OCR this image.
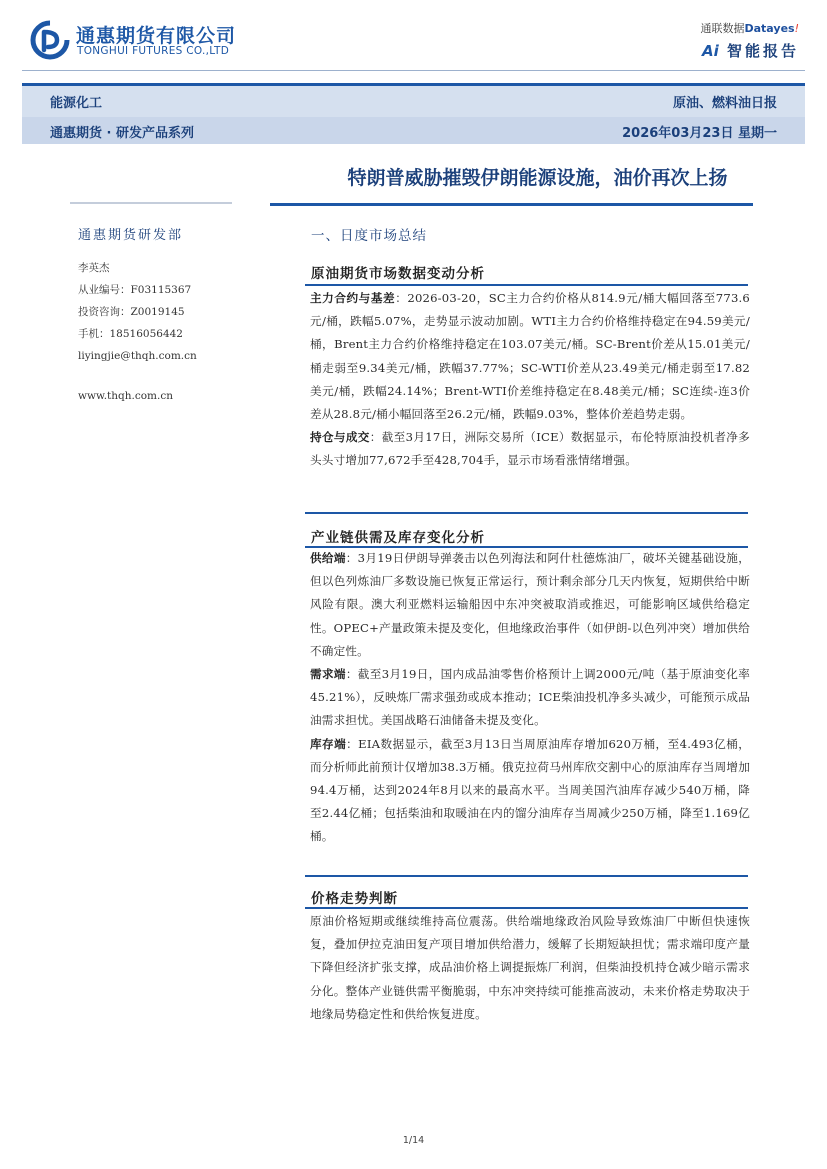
通惠期货有限公司
TONGHUI FUTURES CO.,LTD
通联数据Datayes!
Ai 智能报告
能源化工	原油、燃料油日报
通惠期货 · 研发产品系列	2026年03月23日 星期一
特朗普威胁摧毁伊朗能源设施，油价再次上扬
通惠期货研发部
李英杰
从业编号：F03115367
投资咨询：Z0019145
手机：18516056442
liyingjie@thqh.com.cn
www.thqh.com.cn
一、日度市场总结
原油期货市场数据变动分析

主力合约与基差：2026-03-20，SC主力合约价格从814.9元/桶大幅回落至773.6元/桶，跌幅5.07%，走势显示波动加剧。WTI主力合约价格维持稳定在94.59美元/桶，Brent主力合约价格维持稳定在103.07美元/桶。SC-Brent价差从15.01美元/桶走弱至9.34美元/桶，跌幅37.77%；SC-WTI价差从23.49美元/桶走弱至17.82美元/桶，跌幅24.14%；Brent-WTI价差维持稳定在8.48美元/桶；SC连续-连3价差从28.8元/桶小幅回落至26.2元/桶，跌幅9.03%，整体价差趋势走弱。

持仓与成交：截至3月17日，洲际交易所（ICE）数据显示，布伦特原油投机者净多头头寸增加77,672手至428,704手，显示市场看涨情绪增强。

产业链供需及库存变化分析

供给端：3月19日伊朗导弹袭击以色列海法和阿什杜德炼油厂，破坏关键基础设施，但以色列炼油厂多数设施已恢复正常运行，预计剩余部分几天内恢复，短期供给中断风险有限。澳大利亚燃料运输船因中东冲突被取消或推迟，可能影响区域供给稳定性。OPEC+产量政策未提及变化，但地缘政治事件（如伊朗-以色列冲突）增加供给不确定性。

需求端：截至3月19日，国内成品油零售价格预计上调2000元/吨（基于原油变化率45.21%），反映炼厂需求强劲或成本推动；ICE柴油投机净多头减少，可能预示成品油需求担忧。美国战略石油储备未提及变化。

库存端：EIA数据显示，截至3月13日当周原油库存增加620万桶，至4.493亿桶，而分析师此前预计仅增加38.3万桶。俄克拉荷马州库欣交割中心的原油库存当周增加94.4万桶，达到2024年8月以来的最高水平。当周美国汽油库存减少540万桶，降至2.44亿桶；包括柴油和取暖油在内的馏分油库存当周减少250万桶，降至1.169亿桶。

价格走势判断

原油价格短期或继续维持高位震荡。供给端地缘政治风险导致炼油厂中断但快速恢复，叠加伊拉克油田复产项目增加供给潜力，缓解了长期短缺担忧；需求端印度产量下降但经济扩张支撑，成品油价格上调提振炼厂利润，但柴油投机持仓减少暗示需求分化。整体产业链供需平衡脆弱，中东冲突持续可能推高波动，未来价格走势取决于地缘局势稳定性和供给恢复进度。

1/14
